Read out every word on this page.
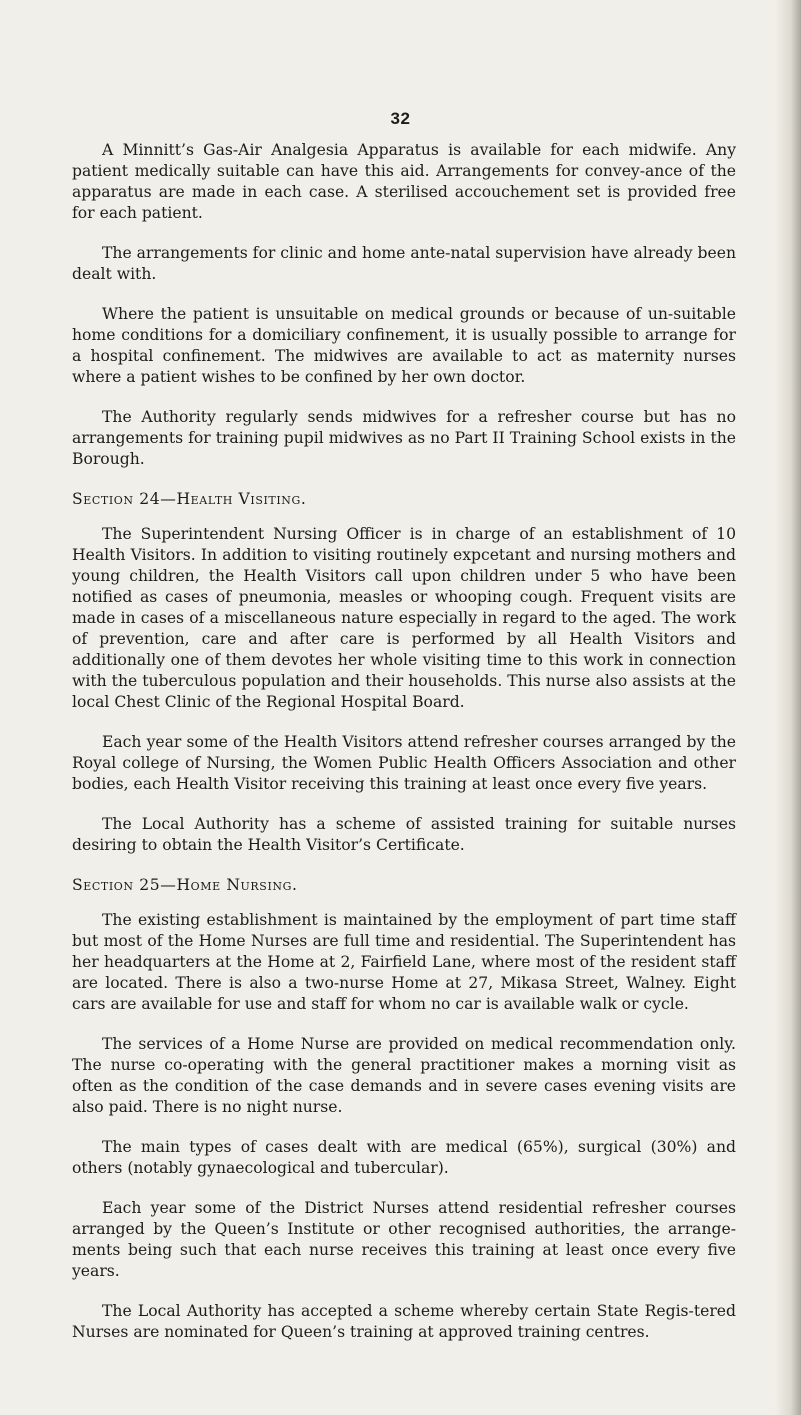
32

A Minnitt’s Gas-Air Analgesia Apparatus is available for each midwife. Any patient medically suitable can have this aid. Arrangements for convey-ance of the apparatus are made in each case. A sterilised accouchement set is provided free for each patient.

The arrangements for clinic and home ante-natal supervision have already been dealt with.

Where the patient is unsuitable on medical grounds or because of un-suitable home conditions for a domiciliary confinement, it is usually possible to arrange for a hospital confinement. The midwives are available to act as maternity nurses where a patient wishes to be confined by her own doctor.

The Authority regularly sends midwives for a refresher course but has no arrangements for training pupil midwives as no Part II Training School exists in the Borough.

Section 24—Health Visiting.

The Superintendent Nursing Officer is in charge of an establishment of 10 Health Visitors. In addition to visiting routinely expcetant and nursing mothers and young children, the Health Visitors call upon children under 5 who have been notified as cases of pneumonia, measles or whooping cough. Frequent visits are made in cases of a miscellaneous nature especially in regard to the aged. The work of prevention, care and after care is performed by all Health Visitors and additionally one of them devotes her whole visiting time to this work in connection with the tuberculous population and their households. This nurse also assists at the local Chest Clinic of the Regional Hospital Board.

Each year some of the Health Visitors attend refresher courses arranged by the Royal college of Nursing, the Women Public Health Officers Association and other bodies, each Health Visitor receiving this training at least once every five years.

The Local Authority has a scheme of assisted training for suitable nurses desiring to obtain the Health Visitor’s Certificate.

Section 25—Home Nursing.

The existing establishment is maintained by the employment of part time staff but most of the Home Nurses are full time and residential. The Superintendent has her headquarters at the Home at 2, Fairfield Lane, where most of the resident staff are located. There is also a two-nurse Home at 27, Mikasa Street, Walney. Eight cars are available for use and staff for whom no car is available walk or cycle.

The services of a Home Nurse are provided on medical recommendation only. The nurse co-operating with the general practitioner makes a morning visit as often as the condition of the case demands and in severe cases evening visits are also paid. There is no night nurse.

The main types of cases dealt with are medical (65%), surgical (30%) and others (notably gynaecological and tubercular).

Each year some of the District Nurses attend residential refresher courses arranged by the Queen’s Institute or other recognised authorities, the arrange-ments being such that each nurse receives this training at least once every five years.

The Local Authority has accepted a scheme whereby certain State Regis-tered Nurses are nominated for Queen’s training at approved training centres.
